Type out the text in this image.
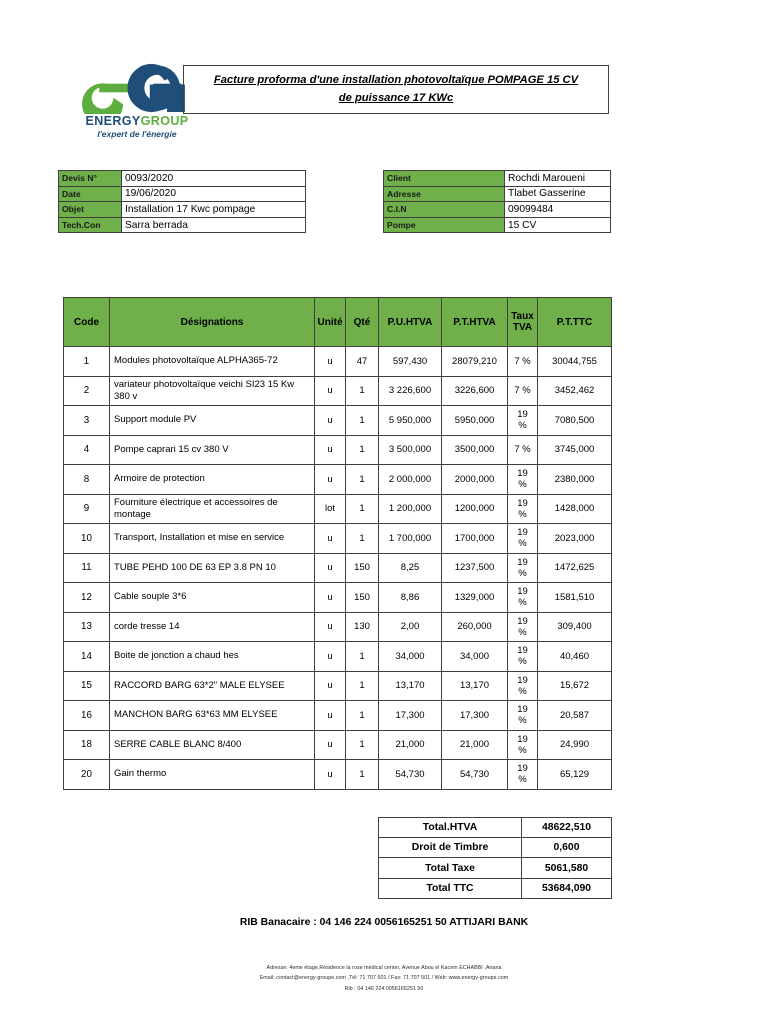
ENERGYGROUP
l'expert de l'énergie
Facture proforma d'une installation photovoltaïque POMPAGE 15 CV
de puissance 17 KWc
Devis N°	0093/2020
Date	19/06/2020
Objet	Installation 17 Kwc pompage
Tech.Con	Sarra berrada
Client	Rochdi Maroueni
Adresse	Tlabet Gasserine
C.I.N	09099484
Pompe	15 CV
Code	Désignations	Unité	Qté	P.U.HTVA	P.T.HTVA	Taux TVA	P.T.TTC
1	Modules photovoltaïque ALPHA365-72	u	47	597,430	28079,210	7 %	30044,755
2	variateur photovoltaïque veichi SI23 15 Kw 380 v	u	1	3 226,600	3226,600	7 %	3452,462
3	Support module PV	u	1	5 950,000	5950,000	19 %	7080,500
4	Pompe caprari 15 cv 380 V	u	1	3 500,000	3500,000	7 %	3745,000
8	Armoire de protection	u	1	2 000,000	2000,000	19 %	2380,000
9	Fourniture électrique et accessoires de montage	lot	1	1 200,000	1200,000	19 %	1428,000
10	Transport, Installation et mise en service	u	1	1 700,000	1700,000	19 %	2023,000
11	TUBE PEHD 100 DE 63 EP 3.8 PN 10	u	150	8,25	1237,500	19 %	1472,625
12	Cable souple 3*6	u	150	8,86	1329,000	19 %	1581,510
13	corde tresse 14	u	130	2,00	260,000	19 %	309,400
14	Boite de jonction a chaud hes	u	1	34,000	34,000	19 %	40,460
15	RACCORD BARG 63*2" MALE ELYSEE	u	1	13,170	13,170	19 %	15,672
16	MANCHON BARG 63*63 MM ELYSEE	u	1	17,300	17,300	19 %	20,587
18	SERRE CABLE BLANC 8/400	u	1	21,000	21,000	19 %	24,990
20	Gain thermo	u	1	54,730	54,730	19 %	65,129
Total.HTVA	48622,510
Droit de Timbre	0,600
Total Taxe	5061,580
Total TTC	53684,090
RIB Banacaire : 04 146 224 0056165251 50 ATTIJARI BANK
Adresse: 4eme étage,Résidence la rose médical center, Avenue Abou el Kacem ECHABBI ,Ariana
Email: contact@energy-groupe.com ,Tél: 71 707 501 / Fax: 71 707 501 / Web: www.energy-groupe.com
Rib : 04 146 224 0056165251 50
